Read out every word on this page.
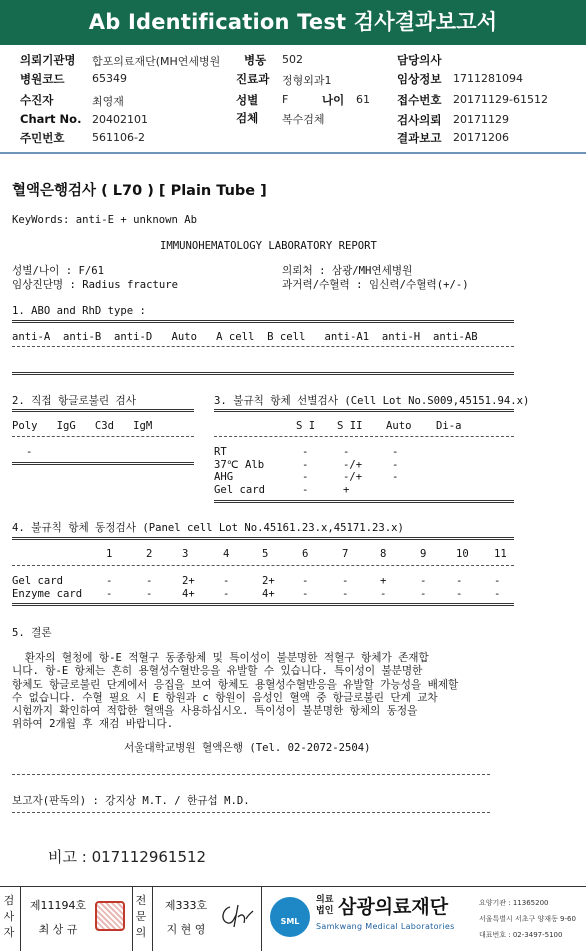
Ab Identification Test 검사결과보고서
의뢰기관명 합포의료재단(MH연세병원 병동 502	담당의사
병원코드	65349	진료과 정형외과1	임상정보 1711281094
수진자	최영재	성별 F	나이 61 접수번호 20171129-61512
Chart No. 20402101	검체 복수검체	검사의뢰 20171129
주민번호	561106-2	결과보고 20171206
혈액은행검사 ( L70 ) [ Plain Tube ]
KeyWords: anti-E + unknown Ab
IMMUNOHEMATOLOGY LABORATORY REPORT
성별/나이 : F/61
임상진단명 : Radius fracture
의뢰처 : 삼광/MH연세병원
과거력/수혈력 : 임신력/수혈력(+/-)
1. ABO and RhD type :
anti-A  anti-B  anti-D   Auto   A cell  B cell   anti-A1  anti-H  anti-AB
2. 직접 항글로불린 검사
Poly   IgG   C3d   IgM
-
3. 불규칙 항체 선별검사 (Cell Lot No.S009,45151.94.x)
S I S II Auto Di-a
RT	-	-	-
37℃ Alb	-	-/+	-
AHG	-	-/+	-
Gel card	-	+
4. 불규칙 항체 동정검사 (Panel cell Lot No.45161.23.x,45171.23.x)
1	2	3	4	5	6	7	8	9	10 11
Gel card	-	-	2+	-	2+	-	-	+	-	-	-
Enzyme card -	-	4+	-	4+	-	-	-	-	-	-
5. 결론

환자의 혈청에 항-E 적혈구 동종항체 및 특이성이 불분명한 적혈구 항체가 존재합

니다. 항-E 항체는 흔히 용혈성수혈반응을 유발할 수 있습니다. 특이성이 불분명한

항체도 항글로불린 단계에서 응집을 보여 항체도 용혈성수혈반응을 유발할 가능성을 배제할

수 없습니다. 수혈 필요 시 E 항원과 c 항원이 음성인 혈액 중 항글로불린 단계 교차

시험까지 확인하여 적합한 혈액을 사용하십시오. 특이성이 불분명한 항체의 동정을

위하여 2개월 후 재검 바랍니다.

서울대학교병원 혈액은행 (Tel. 02-2072-2504)
보고자(판독의) : 강지상 M.T. / 한규섭 M.D.
비고 : 017112961512
검사자
제11194호
최 상 규
전문의
제333호
지 현 영
SML
의료법인 삼광의료재단
Samkwang Medical Laboratories
요양기관 : 11365200
서울특별시 서초구 양재동 9-60
대표번호 : 02-3497-5100
